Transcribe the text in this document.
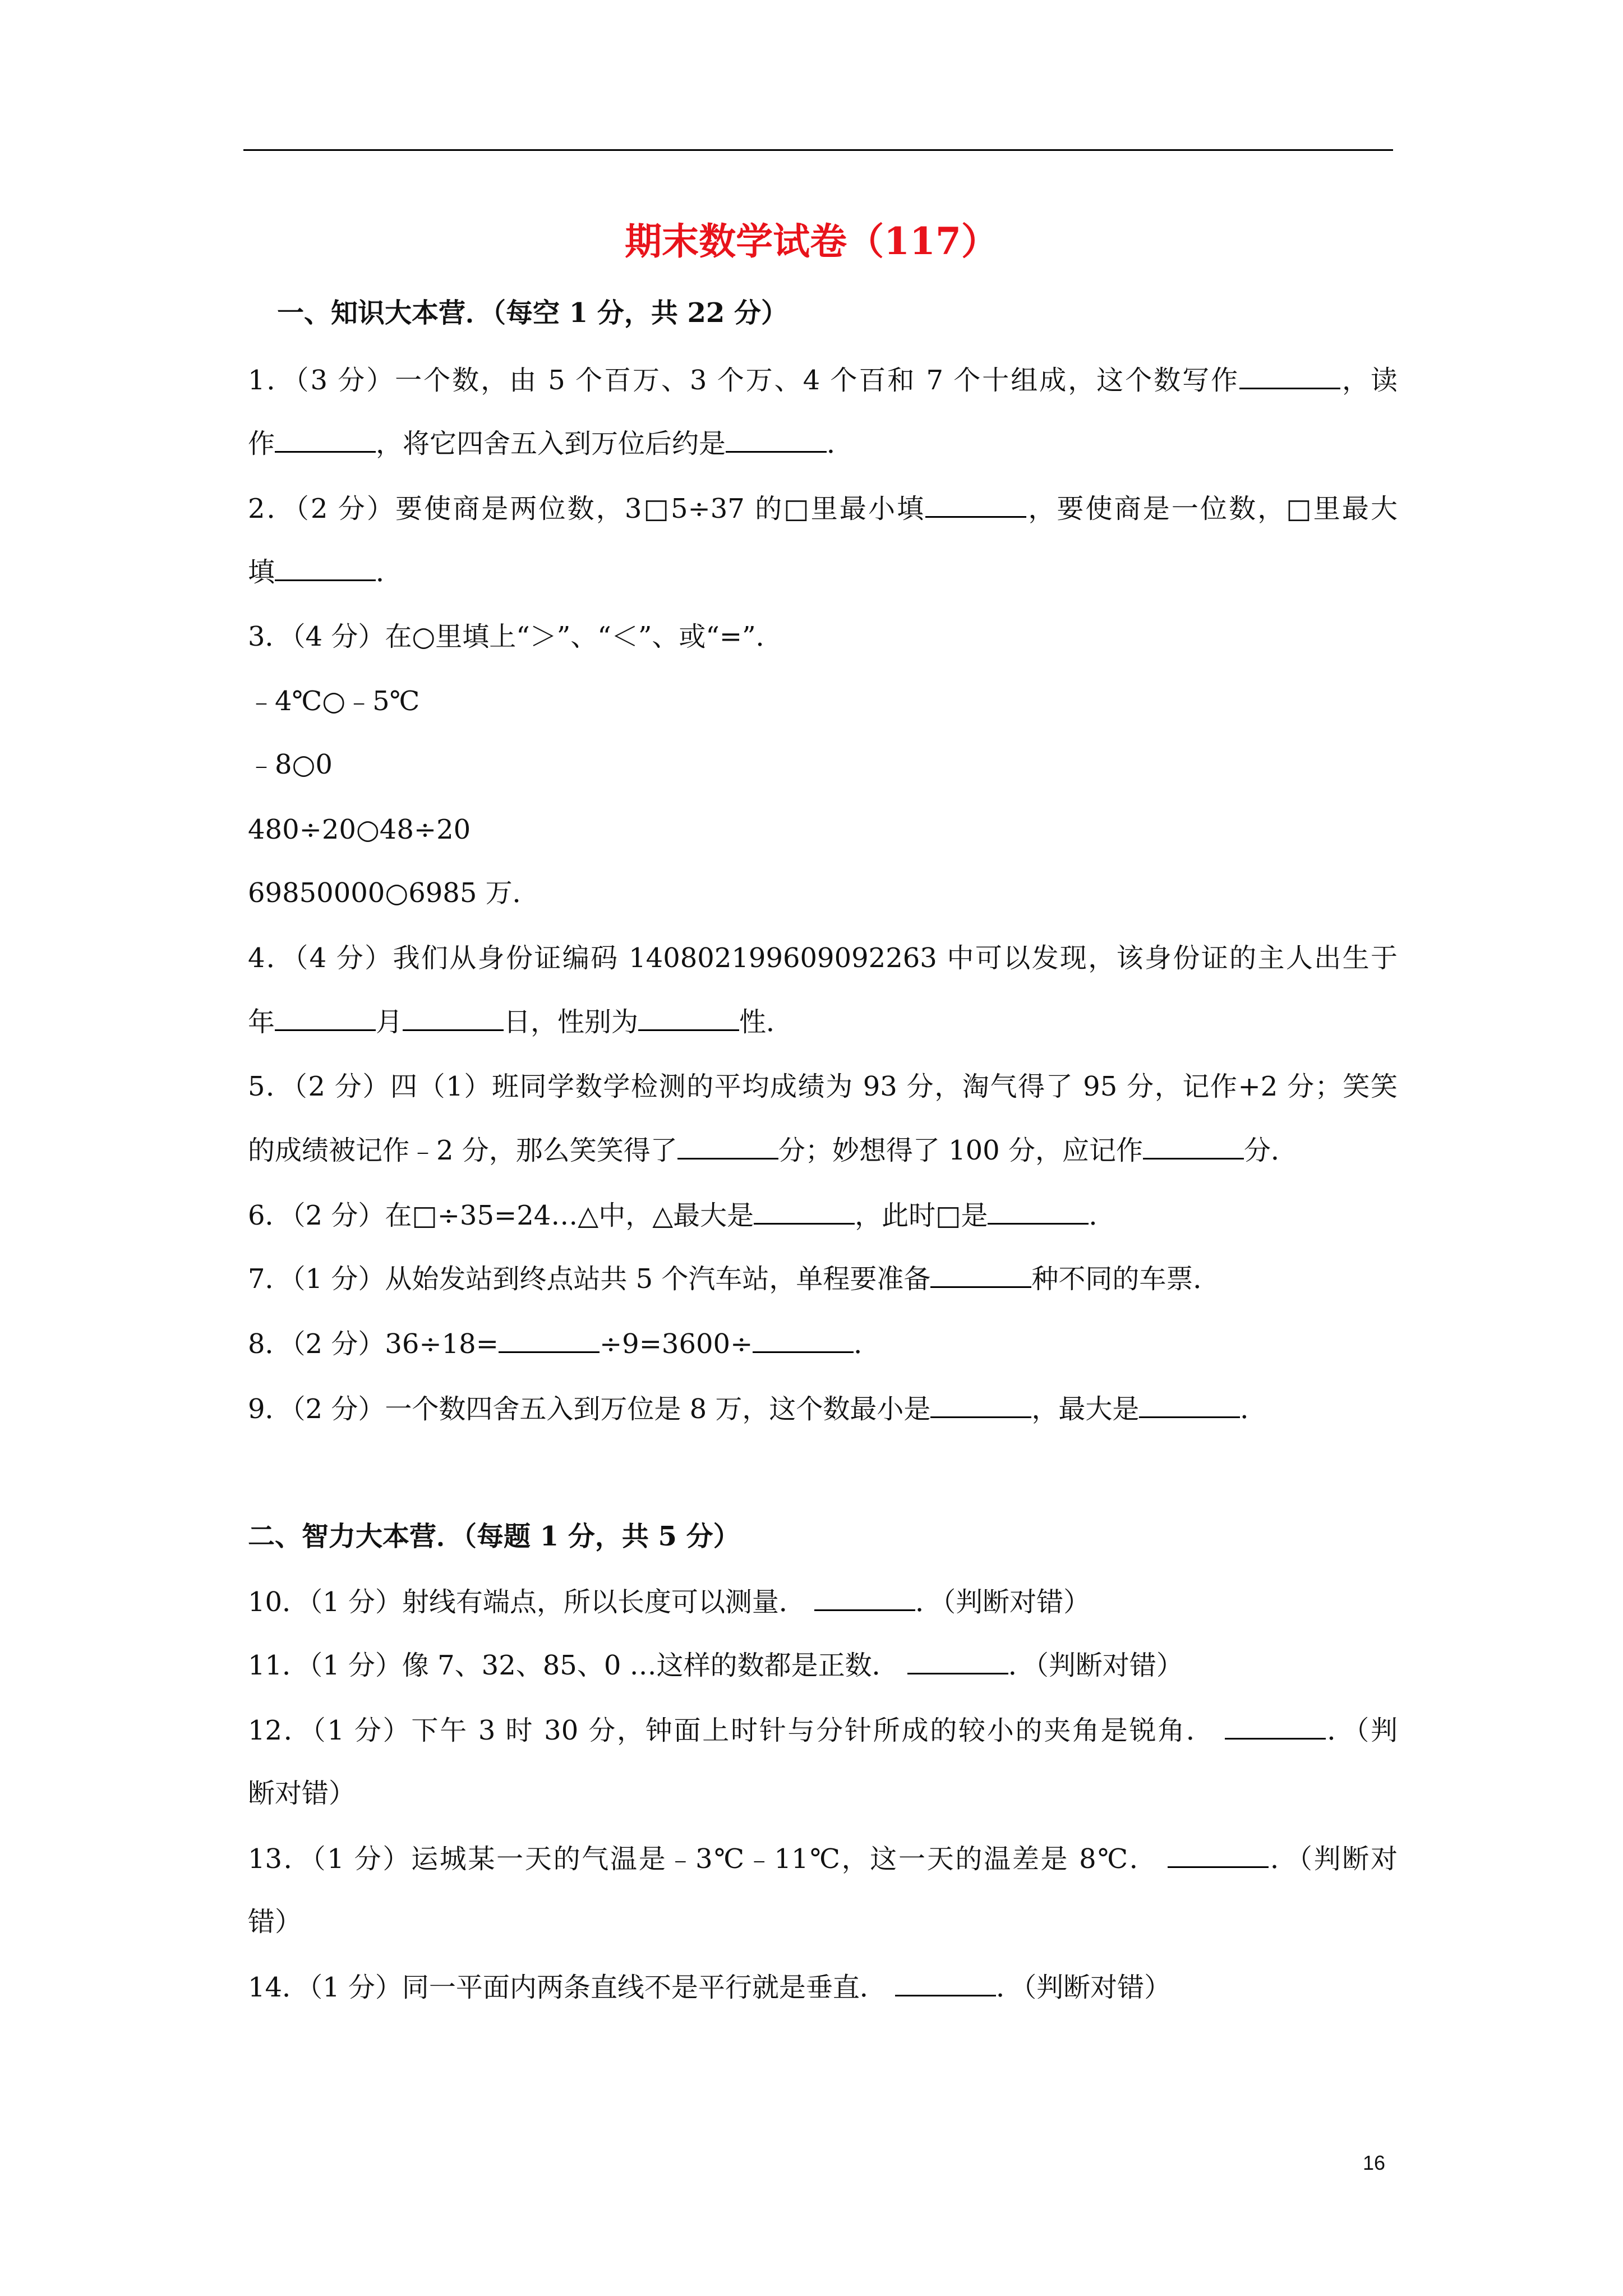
期末数学试卷（117）
一、知识大本营．（每空 1 分，共 22 分）
1．（3 分）一个数，由 5 个百万、3 个万、4 个百和 7 个十组成，这个数写作	，读
作	，将它四舍五入到万位后约是	．
2．（2 分）要使商是两位数，3□5÷37 的□里最小填	，要使商是一位数，□里最大
填	．
3．（4 分）在○里填上“＞”、“＜”、或“=”．
﹣4℃○﹣5℃
﹣8○0
480÷20○48÷20
69850000○6985 万．
4．（4 分）我们从身份证编码 140802199609092263 中可以发现，该身份证的主人出生于
年	月	日，性别为	性．
5．（2 分）四（1）班同学数学检测的平均成绩为 93 分，淘气得了 95 分，记作+2 分；笑笑
的成绩被记作﹣2 分，那么笑笑得了	分；妙想得了 100 分，应记作	分．
6．（2 分）在□÷35=24…△中，△最大是	，此时□是	．
7．（1 分）从始发站到终点站共 5 个汽车站，单程要准备	种不同的车票．
8．（2 分）36÷18=	÷9=3600÷	．
9．（2 分）一个数四舍五入到万位是 8 万，这个数最小是	，最大是	．
二、智力大本营．（每题 1 分，共 5 分）
10．（1 分）射线有端点，所以长度可以测量．	．（判断对错）
11．（1 分）像 7、32、85、0 …这样的数都是正数．	．（判断对错）
12．（1 分）下午 3 时 30 分，钟面上时针与分针所成的较小的夹角是锐角．	．（判
断对错）
13．（1 分）运城某一天的气温是﹣3℃﹣11℃，这一天的温差是 8℃．	．（判断对
错）
14．（1 分）同一平面内两条直线不是平行就是垂直．	．（判断对错）
16
